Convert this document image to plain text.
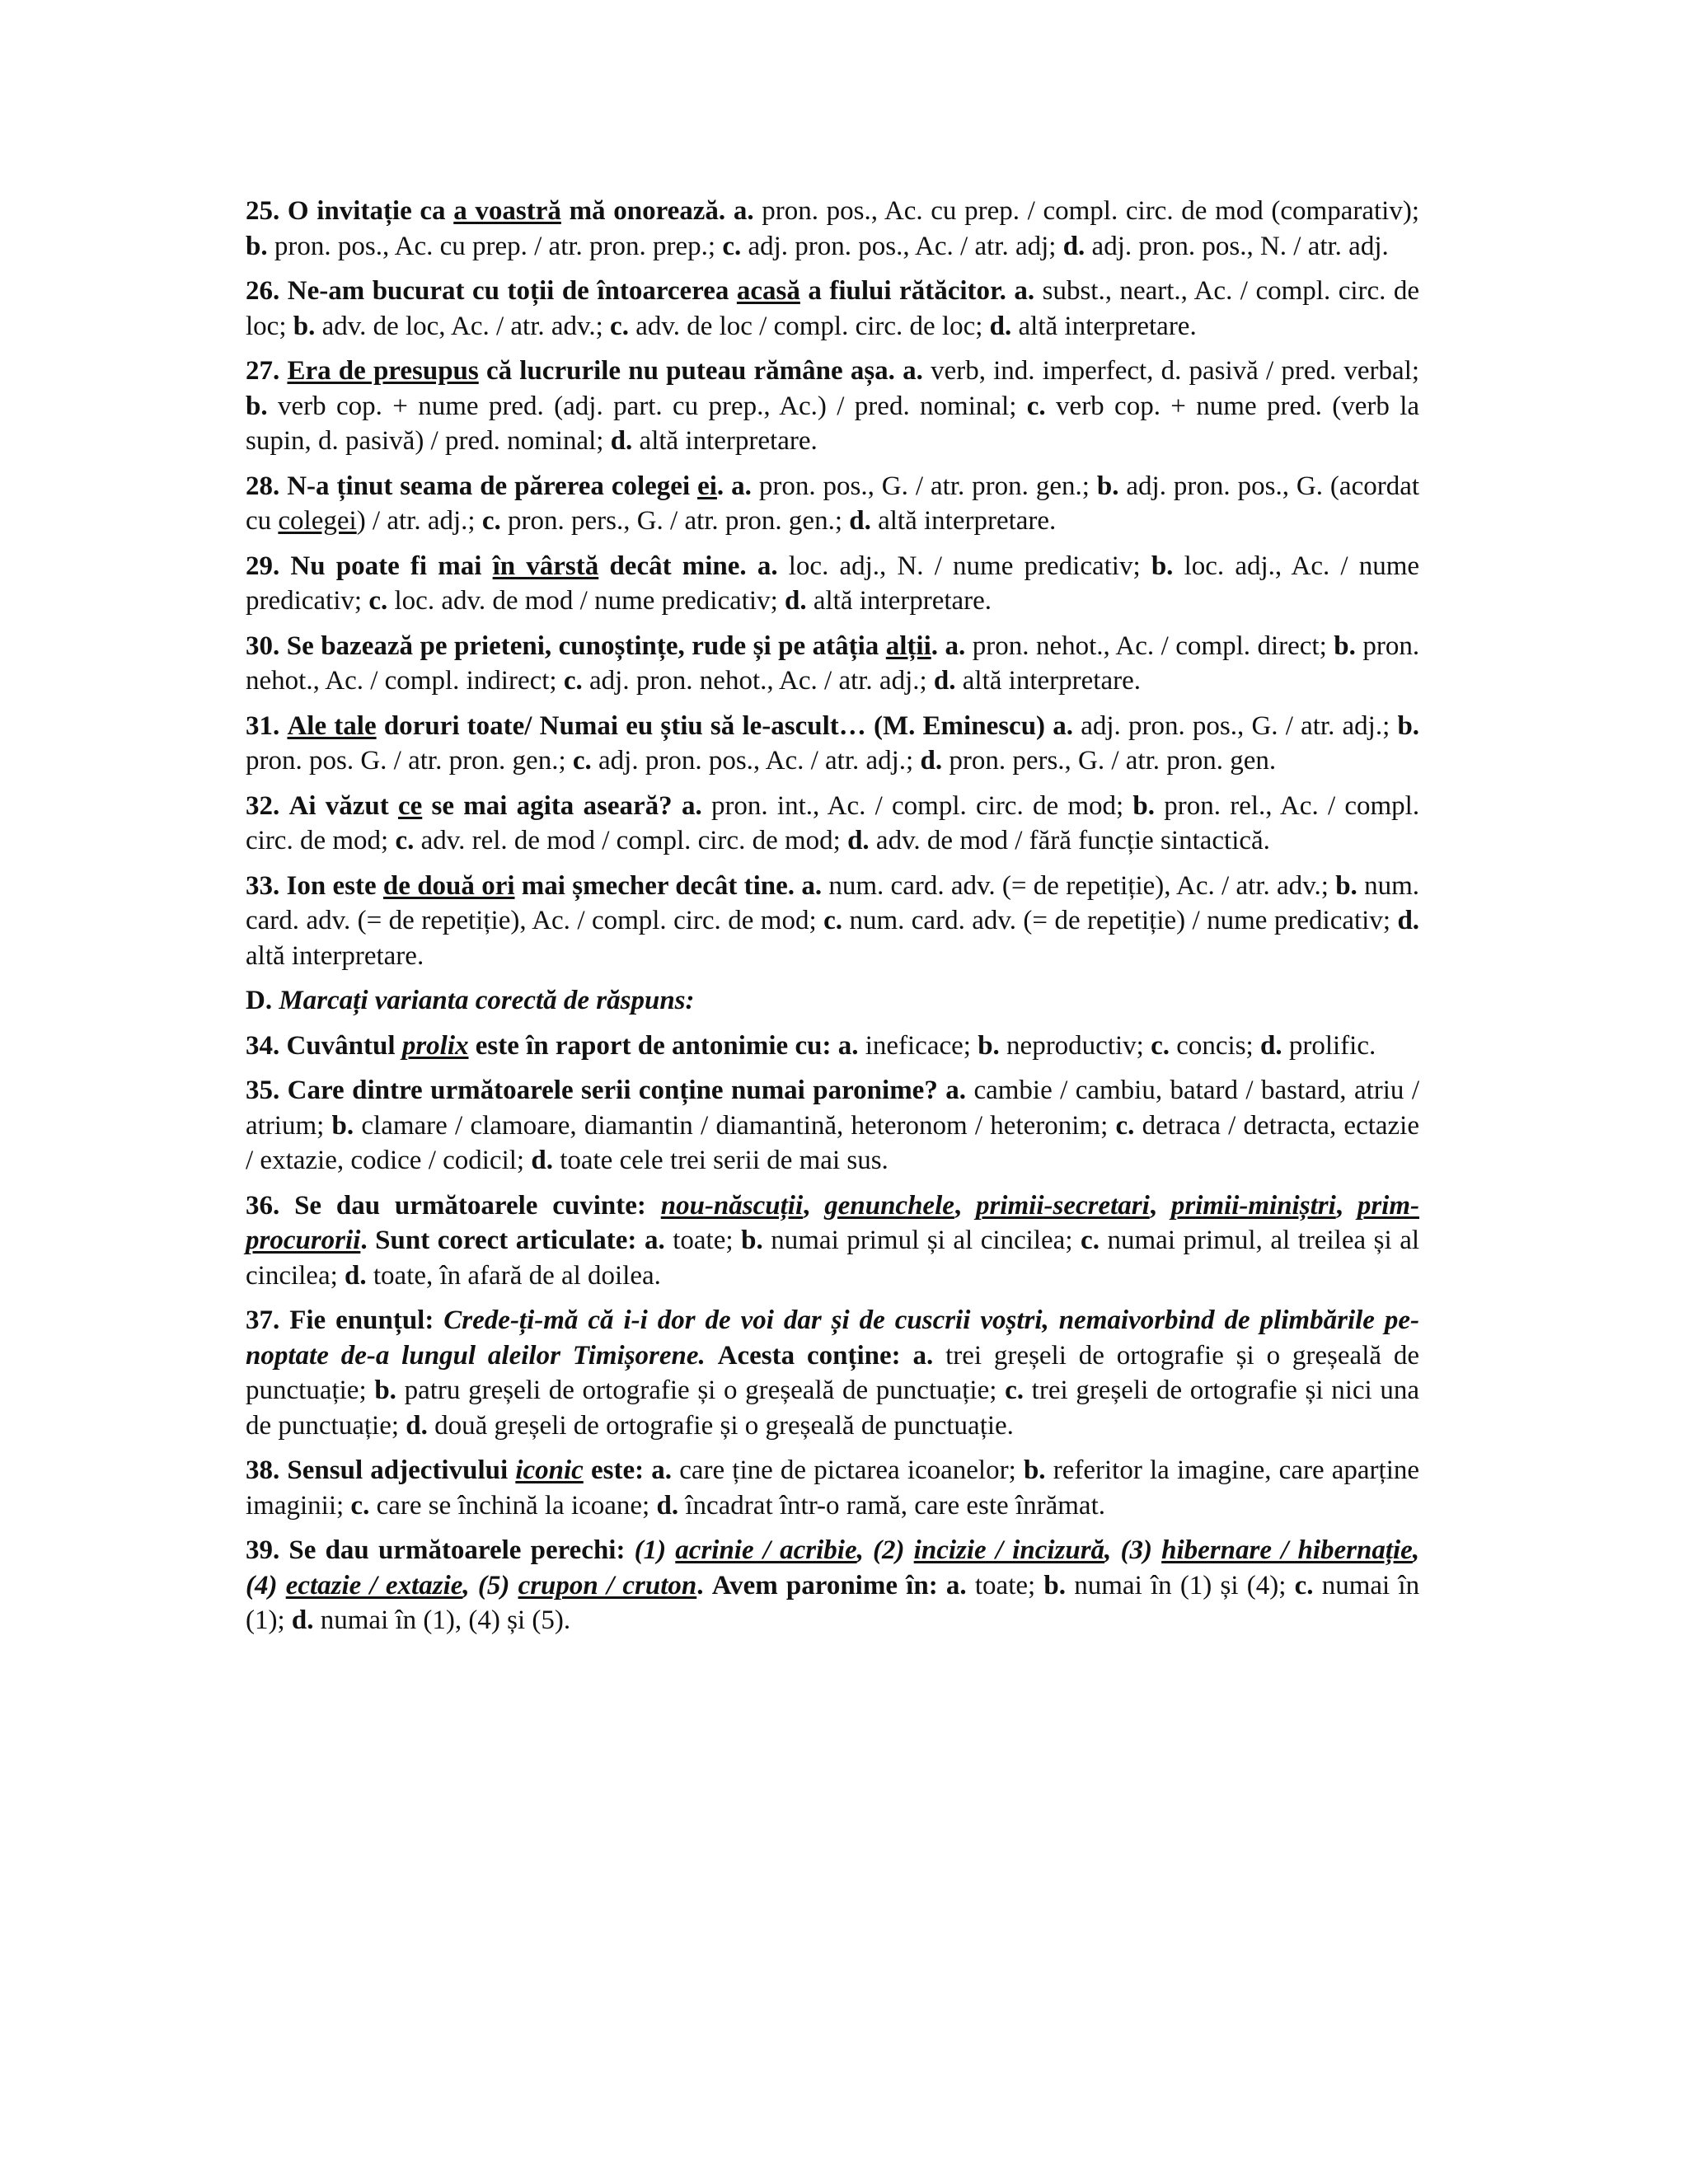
25. O invitație ca a voastră mă onorează. a. pron. pos., Ac. cu prep. / compl. circ. de mod (comparativ); b. pron. pos., Ac. cu prep. / atr. pron. prep.; c. adj. pron. pos., Ac. / atr. adj; d. adj. pron. pos., N. / atr. adj.

26. Ne-am bucurat cu toții de întoarcerea acasă a fiului rătăcitor. a. subst., neart., Ac. / compl. circ. de loc; b. adv. de loc, Ac. / atr. adv.; c. adv. de loc / compl. circ. de loc; d. altă interpretare.

27. Era de presupus că lucrurile nu puteau rămâne așa. a. verb, ind. imperfect, d. pasivă / pred. verbal; b. verb cop. + nume pred. (adj. part. cu prep., Ac.) / pred. nominal; c. verb cop. + nume pred. (verb la supin, d. pasivă) / pred. nominal; d. altă interpretare.

28. N-a ținut seama de părerea colegei ei. a. pron. pos., G. / atr. pron. gen.; b. adj. pron. pos., G. (acordat cu colegei) / atr. adj.; c. pron. pers., G. / atr. pron. gen.; d. altă interpretare.

29. Nu poate fi mai în vârstă decât mine. a. loc. adj., N. / nume predicativ; b. loc. adj., Ac. / nume predicativ; c. loc. adv. de mod / nume predicativ; d. altă interpretare.

30. Se bazează pe prieteni, cunoștințe, rude și pe atâția alții. a. pron. nehot., Ac. / compl. direct; b. pron. nehot., Ac. / compl. indirect; c. adj. pron. nehot., Ac. / atr. adj.; d. altă interpretare.

31. Ale tale doruri toate/ Numai eu știu să le-ascult… (M. Eminescu) a. adj. pron. pos., G. / atr. adj.; b. pron. pos. G. / atr. pron. gen.; c. adj. pron. pos., Ac. / atr. adj.; d. pron. pers., G. / atr. pron. gen.

32. Ai văzut ce se mai agita aseară? a. pron. int., Ac. / compl. circ. de mod; b. pron. rel., Ac. / compl. circ. de mod; c. adv. rel. de mod / compl. circ. de mod; d. adv. de mod / fără funcție sintactică.

33. Ion este de două ori mai șmecher decât tine. a. num. card. adv. (= de repetiție), Ac. / atr. adv.; b. num. card. adv. (= de repetiție), Ac. / compl. circ. de mod; c. num. card. adv. (= de repetiție) / nume predicativ; d. altă interpretare.

D. Marcați varianta corectă de răspuns:

34. Cuvântul prolix este în raport de antonimie cu: a. ineficace; b. neproductiv; c. concis; d. prolific.

35. Care dintre următoarele serii conține numai paronime? a. cambie / cambiu, batard / bastard, atriu / atrium; b. clamare / clamoare, diamantin / diamantină, heteronom / heteronim; c. detraca / detracta, ectazie / extazie, codice / codicil; d. toate cele trei serii de mai sus.

36. Se dau următoarele cuvinte: nou-născuții, genunchele, primii-secretari, primii-miniștri, prim-procurorii. Sunt corect articulate: a. toate; b. numai primul și al cincilea; c. numai primul, al treilea și al cincilea; d. toate, în afară de al doilea.

37. Fie enunțul: Crede-ți-mă că i-i dor de voi dar și de cuscrii voștri, nemaivorbind de plimbările pe-noptate de-a lungul aleilor Timișorene. Acesta conține: a. trei greșeli de ortografie și o greșeală de punctuație; b. patru greșeli de ortografie și o greșeală de punctuație; c. trei greșeli de ortografie și nici una de punctuație; d. două greșeli de ortografie și o greșeală de punctuație.

38. Sensul adjectivului iconic este: a. care ține de pictarea icoanelor; b. referitor la imagine, care aparține imaginii; c. care se închină la icoane; d. încadrat într-o ramă, care este înrămat.

39. Se dau următoarele perechi: (1) acrinie / acribie, (2) incizie / incizură, (3) hibernare / hibernație, (4) ectazie / extazie, (5) crupon / cruton. Avem paronime în: a. toate; b. numai în (1) și (4); c. numai în (1); d. numai în (1), (4) și (5).
